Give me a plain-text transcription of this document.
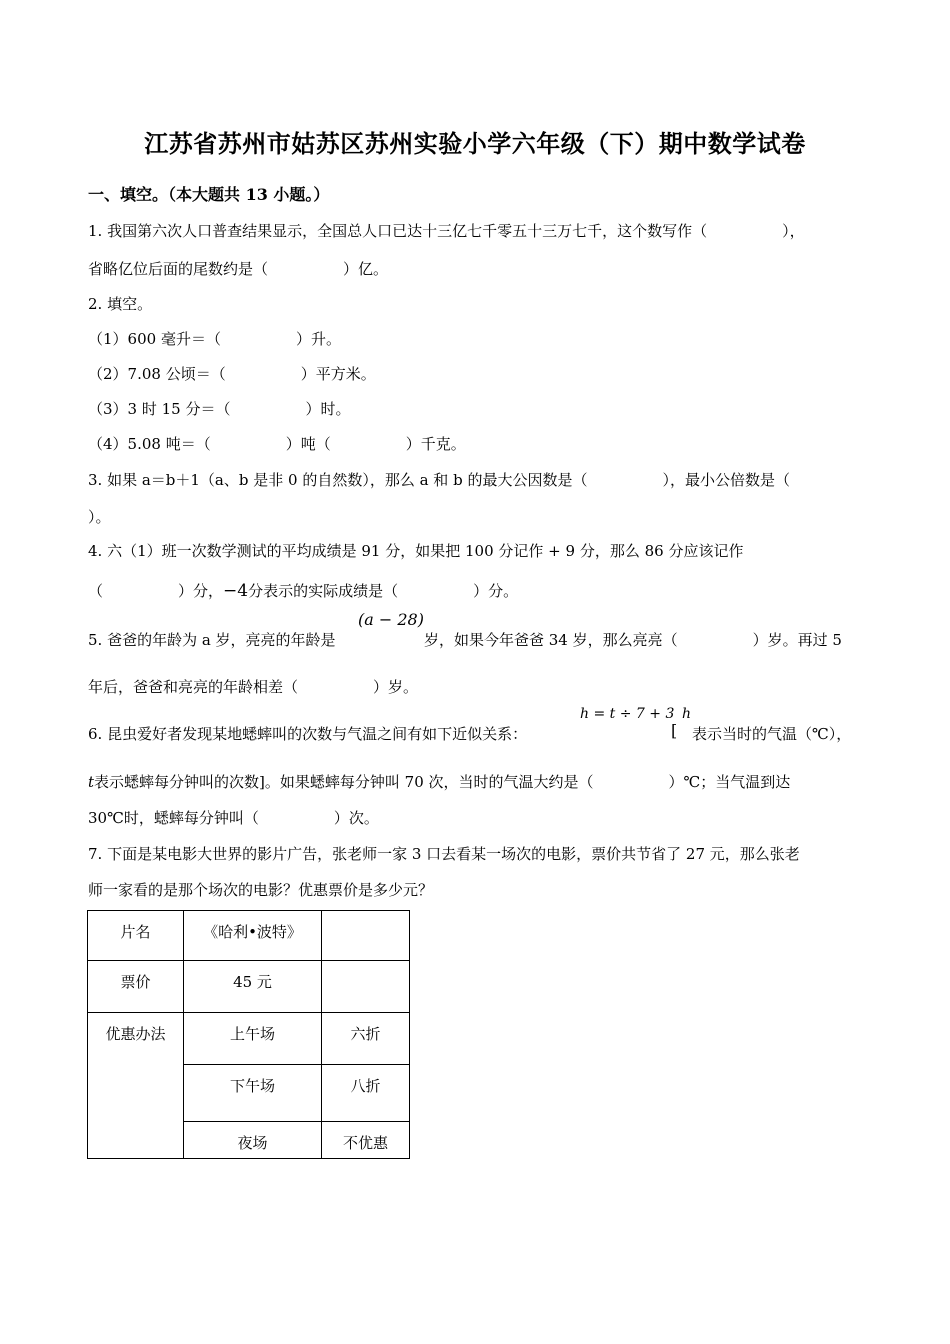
江苏省苏州市姑苏区苏州实验小学六年级（下）期中数学试卷
一、填空。（本大题共 13 小题。）
1. 我国第六次人口普查结果显示，全国总人口已达十三亿七千零五十三万七千，这个数写作（　　　　　），
省略亿位后面的尾数约是（　　　　　）亿。
2. 填空。
（1）600 毫升＝（　　　　　）升。
（2）7.08 公顷＝（　　　　　）平方米。
（3）3 时 15 分＝（　　　　　）时。
（4）5.08 吨＝（　　　　　）吨（　　　　　）千克。
3. 如果 a＝b＋1（a、b 是非 0 的自然数），那么 a 和 b 的最大公因数是（　　　　　），最小公倍数是（
）。
4. 六（1）班一次数学测试的平均成绩是 91 分，如果把 100 分记作 + 9 分，那么 86 分应该记作
（　　　　　）分，−4分表示的实际成绩是（　　　　　）分。
(a − 28)
5. 爸爸的年龄为 a 岁，亮亮的年龄是	岁，如果今年爸爸 34 岁，那么亮亮（　　　　　）岁。再过 5
年后，爸爸和亮亮的年龄相差（　　　　　）岁。
h = t ÷ 7 + 3 h
6. 昆虫爱好者发现某地蟋蟀叫的次数与气温之间有如下近似关系：	[ 表示当时的气温（℃），
t表示蟋蟀每分钟叫的次数]。如果蟋蟀每分钟叫 70 次，当时的气温大约是（　　　　　）℃；当气温到达
30℃时，蟋蟀每分钟叫（　　　　　）次。
7. 下面是某电影大世界的影片广告，张老师一家 3 口去看某一场次的电影，票价共节省了 27 元，那么张老
师一家看的是那个场次的电影？优惠票价是多少元？
片名	《哈利•波特》	
票价	45 元	
优惠办法	上午场	六折
	下午场	八折
	夜场	不优惠
